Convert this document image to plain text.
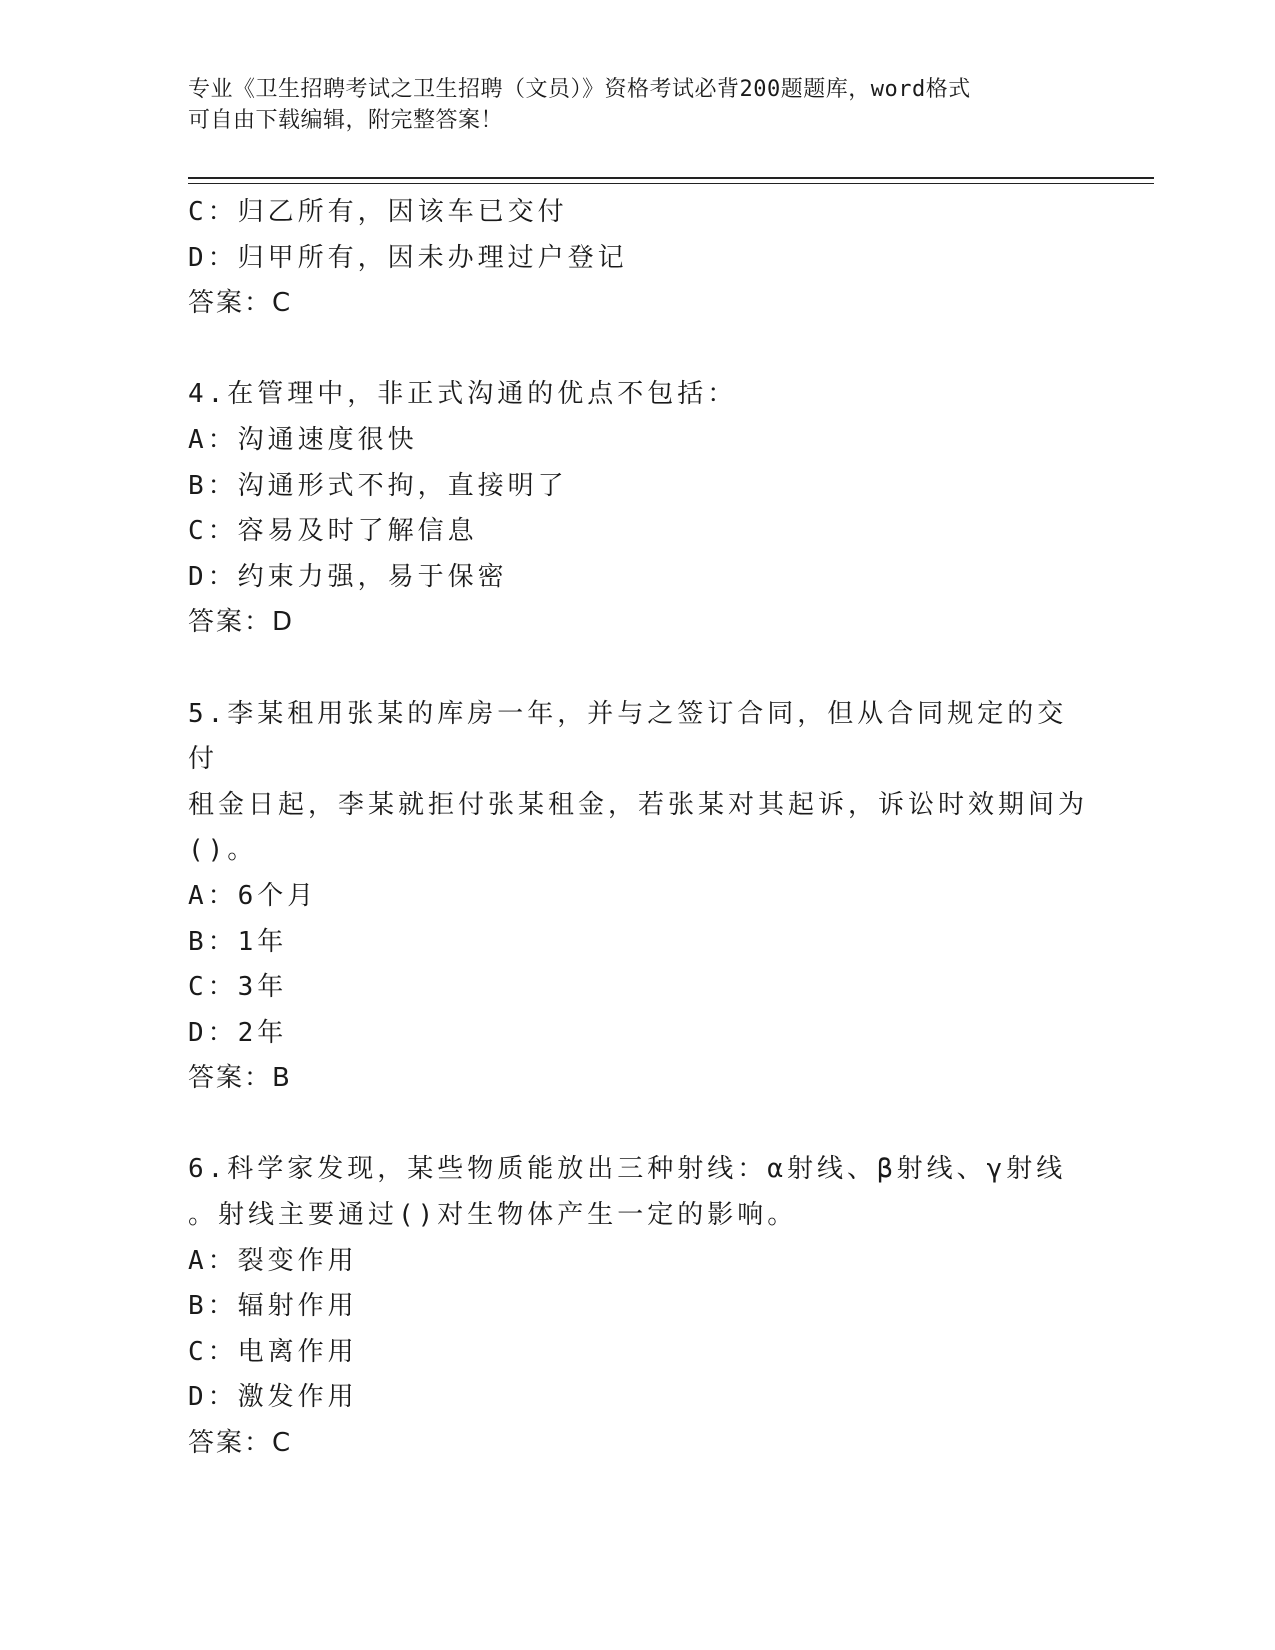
专业《卫生招聘考试之卫生招聘（文员）》资格考试必背200题题库，word格式
可自由下载编辑，附完整答案！
C：归乙所有，因该车已交付
D：归甲所有，因未办理过户登记
答案：C
4.在管理中，非正式沟通的优点不包括：
A：沟通速度很快
B：沟通形式不拘，直接明了
C：容易及时了解信息
D：约束力强，易于保密
答案：D
5.李某租用张某的库房一年，并与之签订合同，但从合同规定的交付
租金日起，李某就拒付张某租金，若张某对其起诉，诉讼时效期间为
()。
A：6个月
B：1年
C：3年
D：2年
答案：B
6.科学家发现，某些物质能放出三种射线：α射线、β射线、γ射线
。射线主要通过()对生物体产生一定的影响。
A：裂变作用
B：辐射作用
C：电离作用
D：激发作用
答案：C
